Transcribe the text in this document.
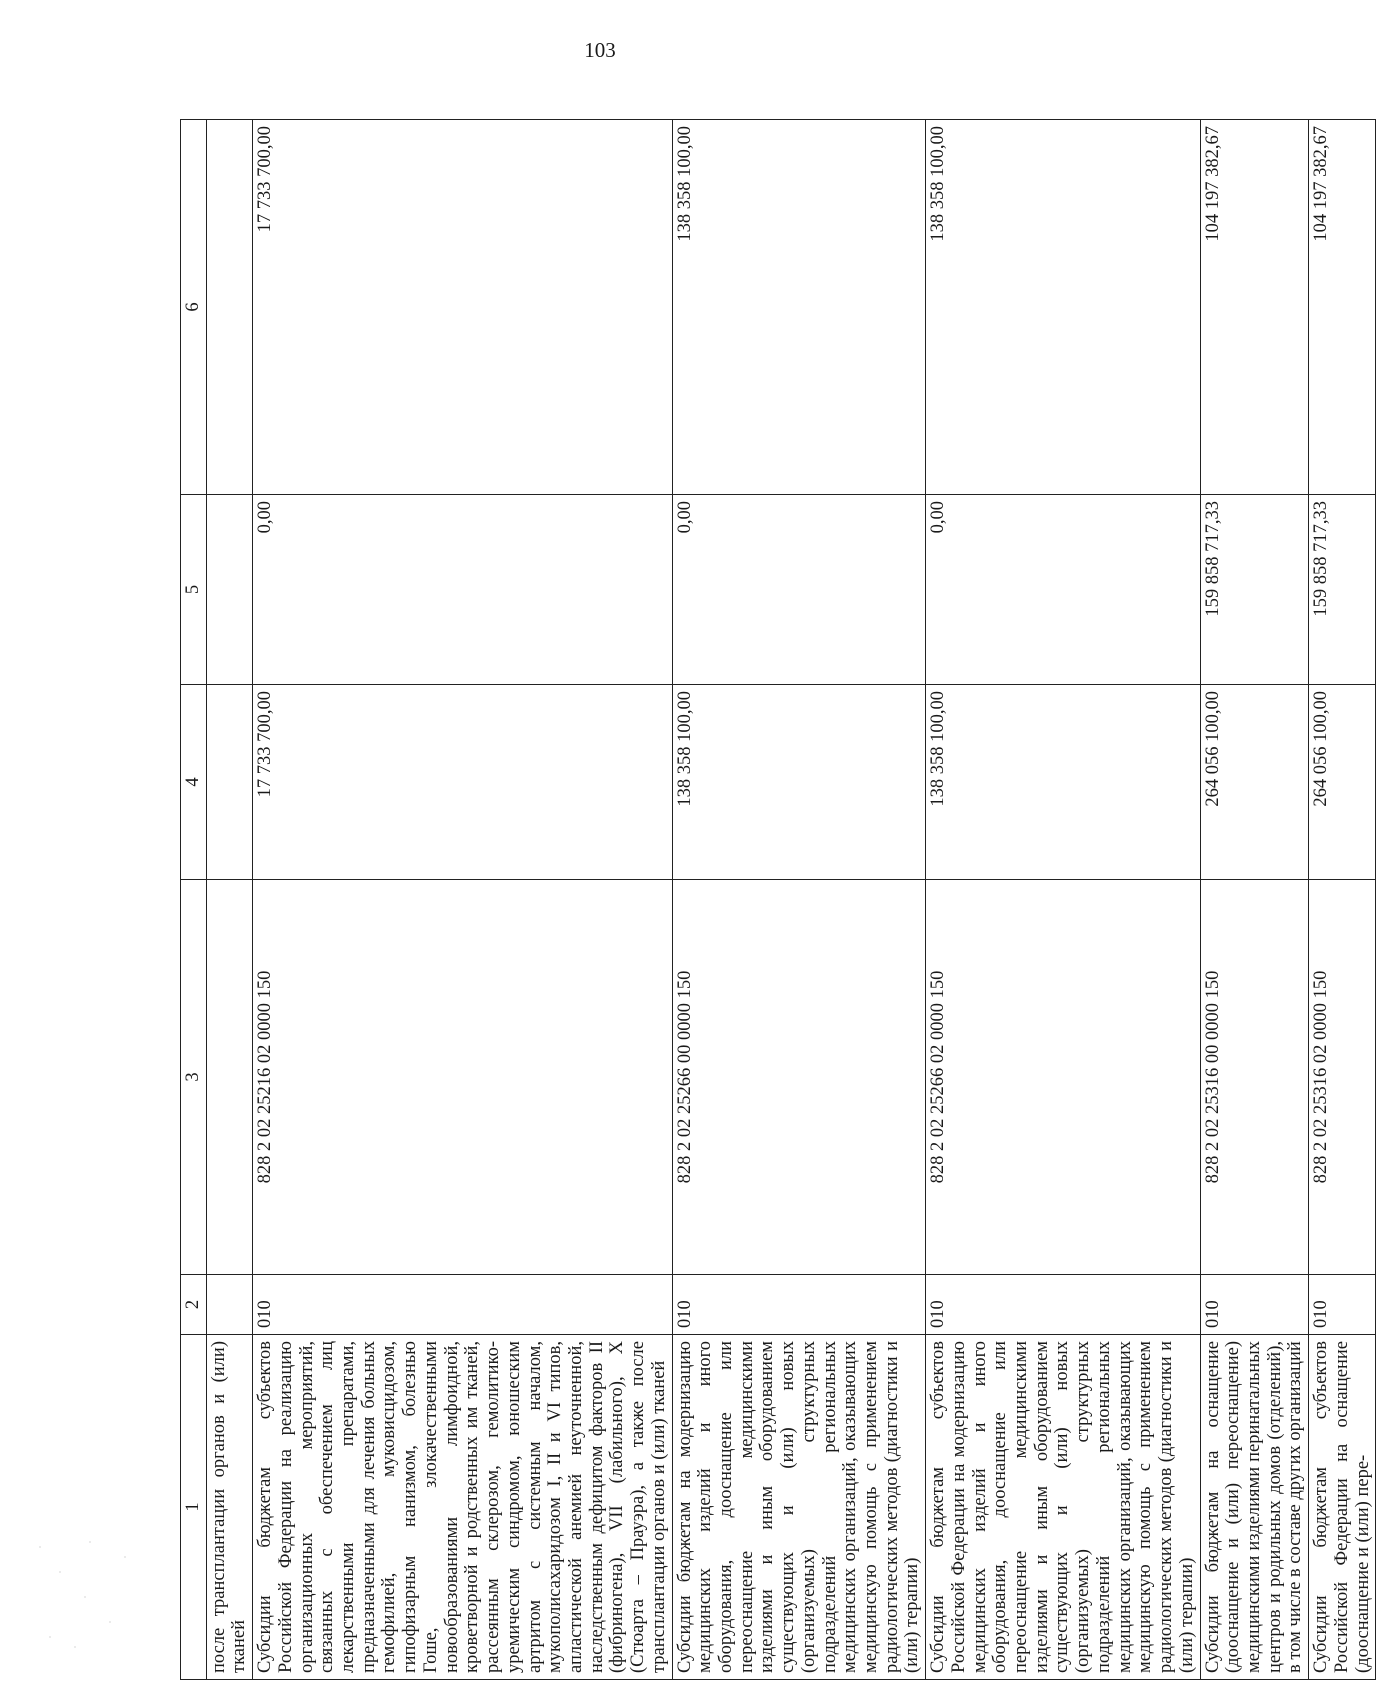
103
1	2	3	4	5	6
после трансплантации органов и (или) тканей					
Субсидии бюджетам субъектов Российской Федерации на реализацию организационных мероприятий, связанных с обеспечением лиц лекарственными препаратами, предназначенными для лечения больных гемофилией, муковисцидозом, гипофизарным нанизмом, болезнью Гоше, злокачественными новообразованиями лимфоидной, кроветворной и родственных им тканей, рассеянным склерозом, гемолитико-уремическим синдромом, юношеским артритом с системным началом, мукополисахаридозом I, II и VI типов, апластической анемией неуточненной, наследственным дефицитом факторов II (фибриногена), VII (лабильного), X (Стюарта – Прауэра), а также после трансплантации органов и (или) тканей	010	828 2 02 25216 02 0000 150	17 733 700,00	0,00	17 733 700,00
Субсидии бюджетам на модернизацию медицинских изделий и иного оборудования, дооснащение или переоснащение медицинскими изделиями и иным оборудованием существующих и (или) новых (организуемых) структурных подразделений региональных медицинских организаций, оказывающих медицинскую помощь с применением радиологических методов (диагностики и (или) терапии)	010	828 2 02 25266 00 0000 150	138 358 100,00	0,00	138 358 100,00
Субсидии бюджетам субъектов Российской Федерации на модернизацию медицинских изделий и иного оборудования, дооснащение или переоснащение медицинскими изделиями и иным оборудованием существующих и (или) новых (организуемых) структурных подразделений региональных медицинских организаций, оказывающих медицинскую помощь с применением радиологических методов (диагностики и (или) терапии)	010	828 2 02 25266 02 0000 150	138 358 100,00	0,00	138 358 100,00
Субсидии бюджетам на оснащение (дооснащение и (или) переоснащение) медицинскими изделиями перинатальных центров и родильных домов (отделений), в том числе в составе других организаций	010	828 2 02 25316 00 0000 150	264 056 100,00	159 858 717,33	104 197 382,67
Субсидии бюджетам субъектов Российской Федерации на оснащение (дооснащение и (или) пере-	010	828 2 02 25316 02 0000 150	264 056 100,00	159 858 717,33	104 197 382,67
